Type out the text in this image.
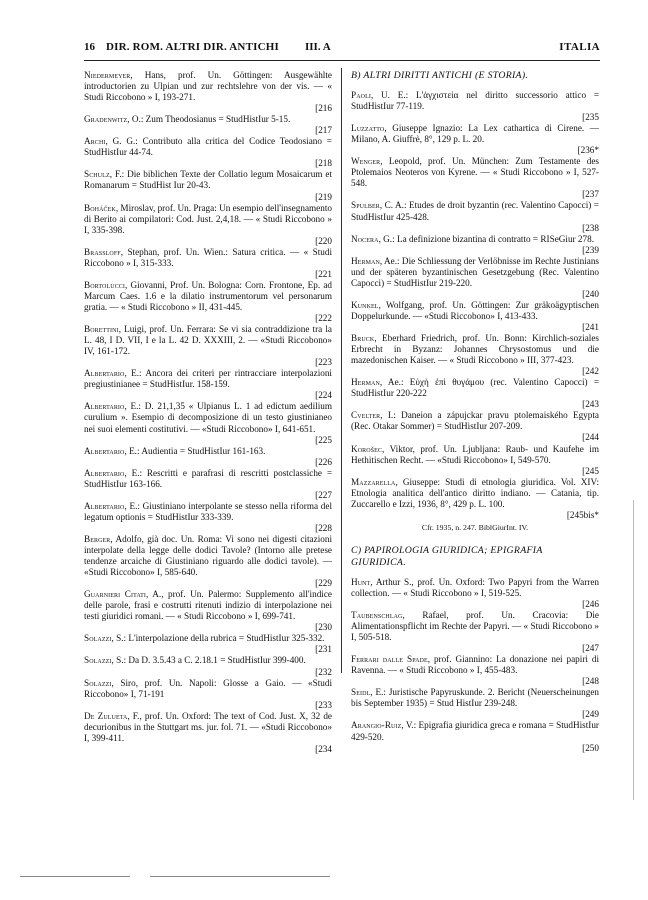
16 DIR. ROM. ALTRI DIR. ANTICHI III. A	ITALIA
Niedermeyer, Hans, prof. Un. Göttingen: Ausgewählte introductorien zu Ulpian und zur rechtslehre von der vis. — « Studi Riccobono » I, 193-271.
[216
Gradenwitz, O.: Zum Theodosianus = StudHistIur 5-15.
[217
Archi, G. G.: Contributo alla critica del Codice Teodosiano = StudHistIur 44-74.
[218
Schulz, F.: Die biblichen Texte der Collatio legum Mosaicarum et Romanarum = StudHist Iur 20-43.
[219
Boháček, Miroslav, prof. Un. Praga: Un esempio dell'insegnamento di Berito ai compilatori: Cod. Just. 2,4,18. — « Studi Riccobono » I, 335-398.
[220
Brassloff, Stephan, prof. Un. Wien.: Satura critica. — « Studi Riccobono » I, 315-333.
[221
Bortolucci, Giovanni, Prof. Un. Bologna: Corn. Frontone, Ep. ad Marcum Caes. 1.6 e la dilatio instrumentorum vel personarum gratia. — « Studi Riccobono » II, 431-445.
[222
Borettini, Luigi, prof. Un. Ferrara: Se vi sia contraddizione tra la L. 48, I D. VII, I e la L. 42 D. XXXIII, 2. — «Studi Riccobono» IV, 161-172.
[223
Albertario, E.: Ancora dei criteri per rintracciare interpolazioni pregiustinianee = StudHistIur. 158-159.
[224
Albertario, E.: D. 21,1,35 « Ulpianus L. 1 ad edictum aedilium curulium ». Esempio di decomposizione di un testo giustinianeo nei suoi elementi costitutivi. — «Studi Riccobono» I, 641-651.
[225
Albertario, E.: Audientia = StudHistIur 161-163.
[226
Albertario, E.: Rescritti e parafrasi di rescritti postclassiche = StudHistIur 163-166.
[227
Albertario, E.: Giustiniano interpolante se stesso nella riforma del legatum optionis = StudHistIur 333-339.
[228
Berger, Adolfo, già doc. Un. Roma: Vi sono nei digesti citazioni interpolate della legge delle dodici Tavole? (Intorno alle pretese tendenze arcaiche di Giustiniano riguardo alle dodici tavole). — «Studi Riccobono» I, 585-640.
[229
Guarnieri Citati, A., prof. Un. Palermo: Supplemento all'indice delle parole, frasi e costrutti ritenuti indizio di interpolazione nei testi giuridici romani. — « Studi Riccobono » I, 699-741.
[230
Solazzi, S.: L'interpolazione della rubrica = StudHistIur 325-332.
[231
Solazzi, S.: Da D. 3.5.43 a C. 2.18.1 = StudHistIur 399-400.
[232
Solazzi, Siro, prof. Un. Napoli: Glosse a Gaio. — «Studi Riccobono» I, 71-191
[233
De Zulueta, F., prof. Un. Oxford: The text of Cod. Just. X, 32 de decurionibus in the Stuttgart ms. jur. fol. 71. — «Studi Riccobono» I, 399-411.
[234
B) ALTRI DIRITTI ANTICHI (E STORIA).
Paoli, U. E.: L'ἀγχιστεία nel diritto successorio attico = StudHistIur 77-119.
[235
Luzzatto, Giuseppe Ignazio: La Lex cathartica di Cirene. — Milano, A. Giuffrè, 8°, 129 p. L. 20.
[236*
Wenger, Leopold, prof. Un. München: Zum Testamente des Ptolemaios Neoteros von Kyrene. — « Studi Riccobono » I, 527-548.
[237
Spulber, C. A.: Etudes de droit byzantin (rec. Valentino Capocci) = StudHistIur 425-428.
[238
Nocera, G.: La definizione bizantina di contratto = RISeGiur 278.
[239
Herman, Ae.: Die Schliessung der Verlöbnisse im Rechte Justinians und der späteren byzantinischen Gesetzgebung (Rec. Valentino Capocci) = StudHistIur 219-220.
[240
Kunkel, Wolfgang, prof. Un. Göttingen: Zur gräkoägyptischen Doppelurkunde. — «Studi Riccobono» I, 413-433.
[241
Bruck, Eberhard Friedrich, prof. Un. Bonn: Kirchlich-soziales Erbrecht in Byzanz: Johannes Chrysostomus und die mazedonischen Kaiser. — « Studi Riccobono » III, 377-423.
[242
Herman, Ae.: Εὐχὴ ἐπὶ θυγάμου (rec. Valentino Capocci) = StudHistIur 220-222
[243
Cvelter, I.: Daneion a zápujckar pravu ptolemaiského Egypta (Rec. Otakar Sommer) = StudHistIur 207-209.
[244
Korošec, Viktor, prof. Un. Ljubljana: Raub- und Kaufehe im Hethitischen Recht. — «Studi Riccobono» I, 549-570.
[245
Mazzarella, Giuseppe: Studi di etnologia giuridica. Vol. XIV: Etnologia analitica dell'antico diritto indiano. — Catania, tip. Zuccarello e Izzi, 1936, 8°, 429 p. L. 100.
[245bis*
Cfr. 1935, n. 247. BiblGiurInt. IV.
C) PAPIROLOGIA GIURIDICA; EPIGRAFIA GIURIDICA.
Hunt, Arthur S., prof. Un. Oxford: Two Papyri from the Warren collection. — « Studi Riccobono » I, 519-525.
[246
Taubenschlag, Rafael, prof. Un. Cracovia: Die Alimentationspflicht im Rechte der Papyri. — « Studi Riccobono » I, 505-518.
[247
Ferrari dalle Spade, prof. Giannino: La donazione nei papiri di Ravenna. — « Studi Riccobono » I, 455-483.
[248
Seidl, E.: Juristische Papyruskunde. 2. Bericht (Neuerscheinungen bis September 1935) = Stud HistIur 239-248.
[249
Arangio-Ruiz, V.: Epigrafia giuridica greca e romana = StudHistIur 429-520.
[250
